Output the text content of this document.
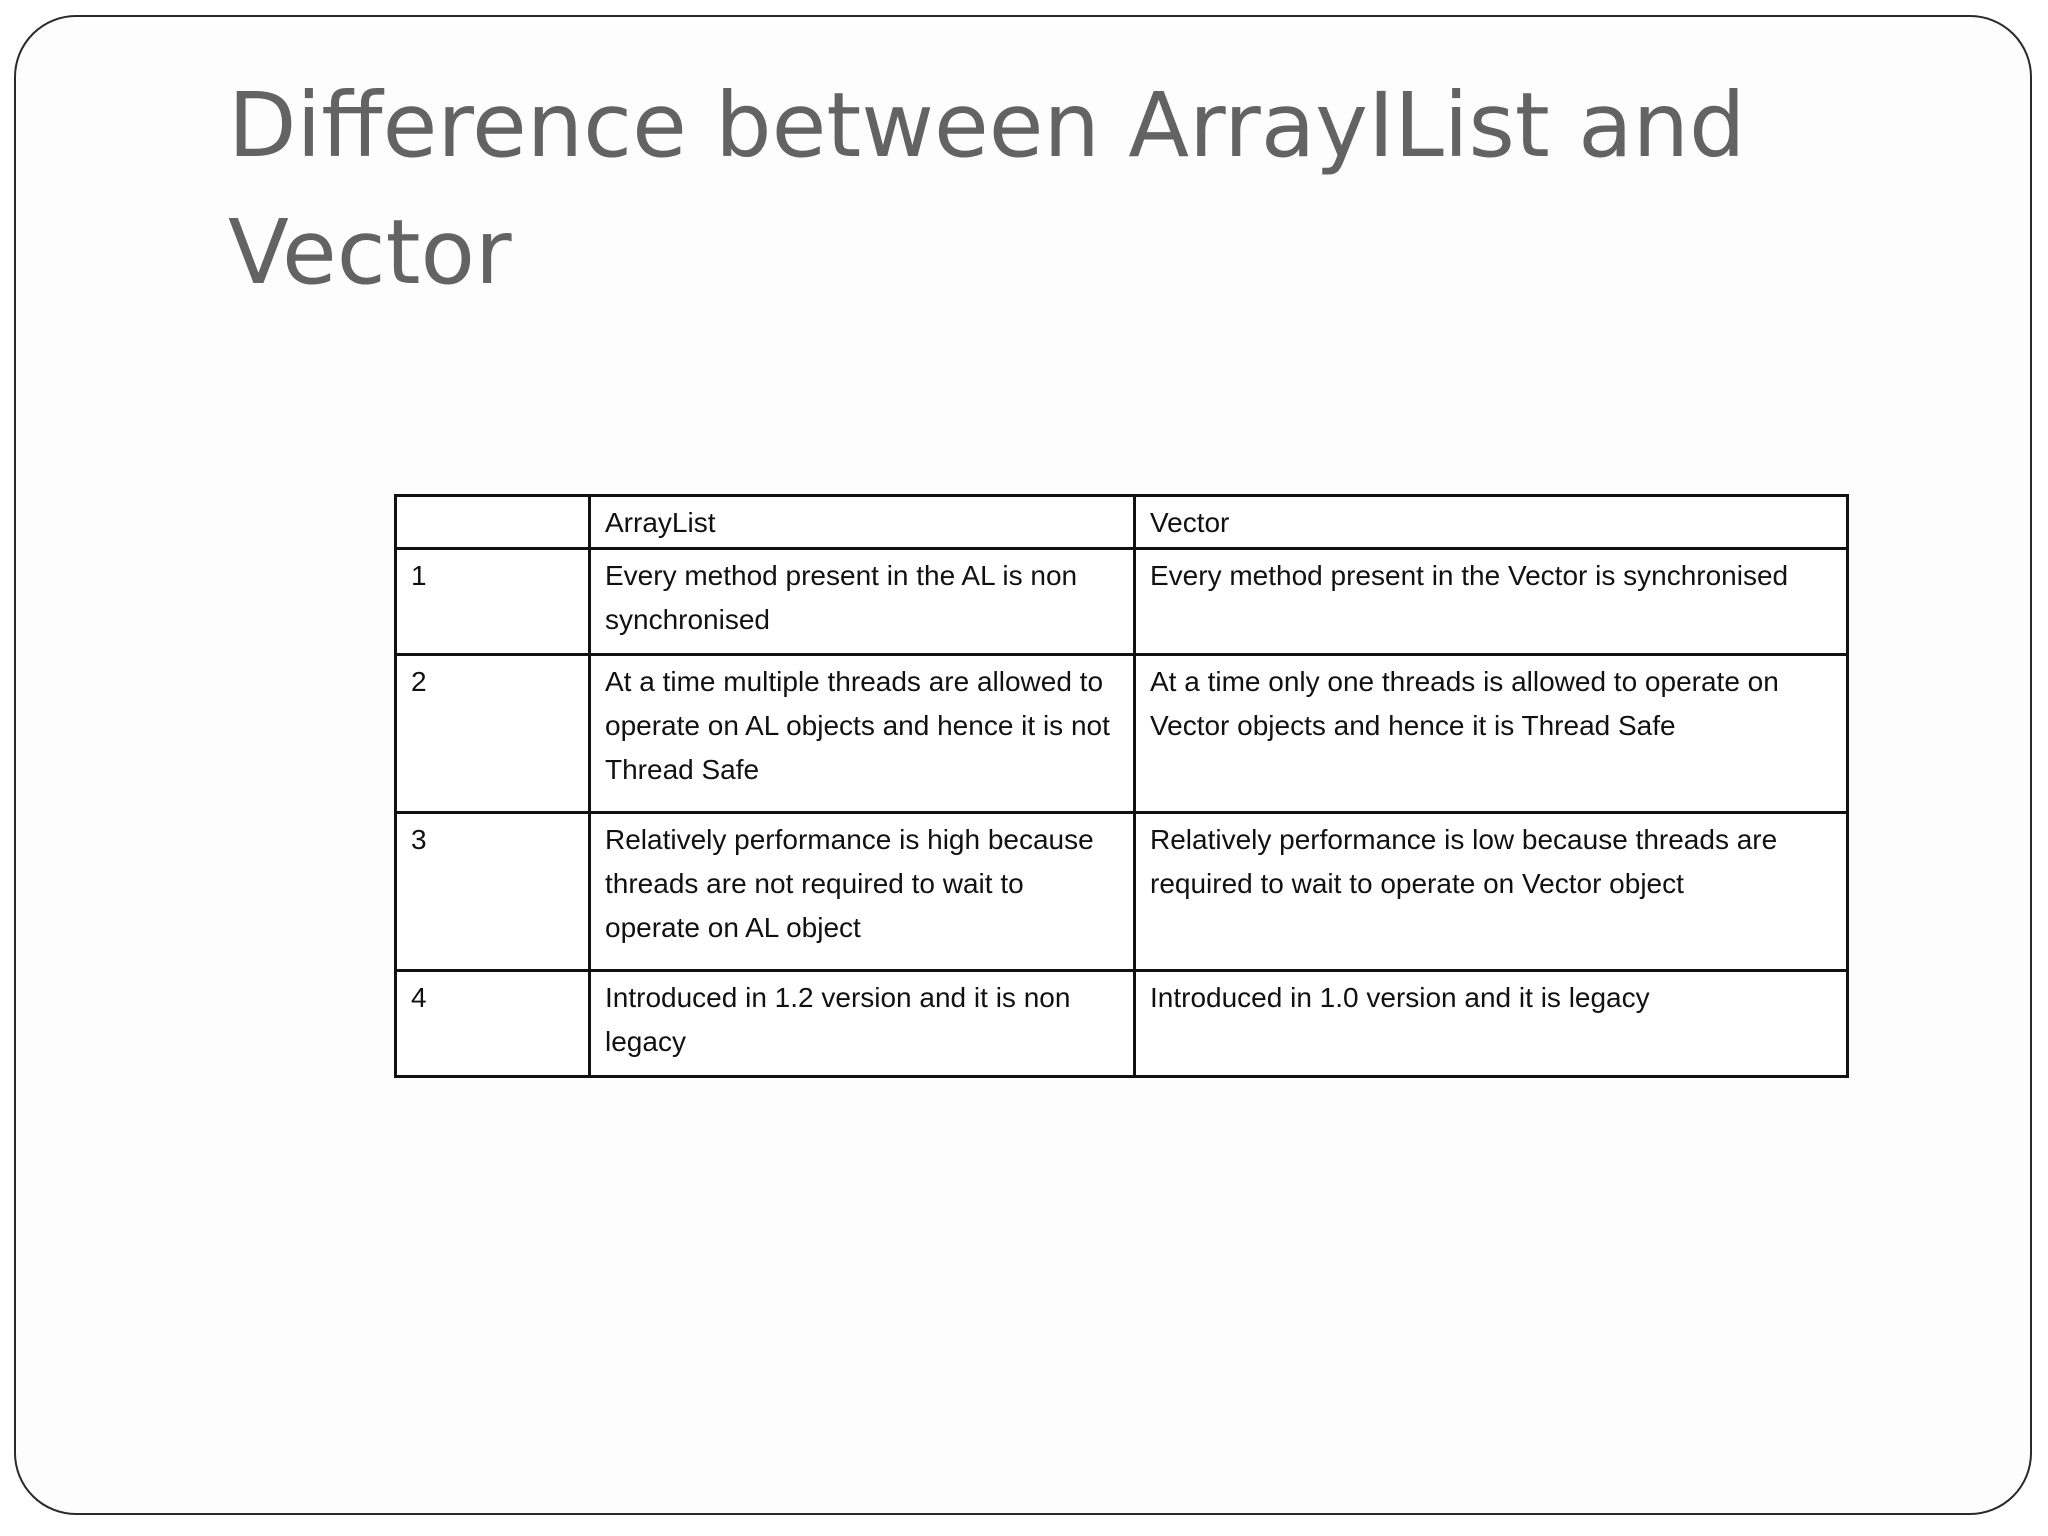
Difference between ArrayIList and Vector
	ArrayList	Vector
1	Every method present in the AL is non synchronised	Every method present in the Vector is synchronised
2	At a time multiple threads are allowed to operate on AL objects and hence it is not Thread Safe	At a time only one threads is allowed to operate on Vector objects and hence it is Thread Safe
3	Relatively performance is high because threads are not required to wait to operate on AL object	Relatively performance is low because threads are required to wait to operate on Vector object
4	Introduced in 1.2 version and it is non legacy	Introduced in 1.0 version and it is legacy
